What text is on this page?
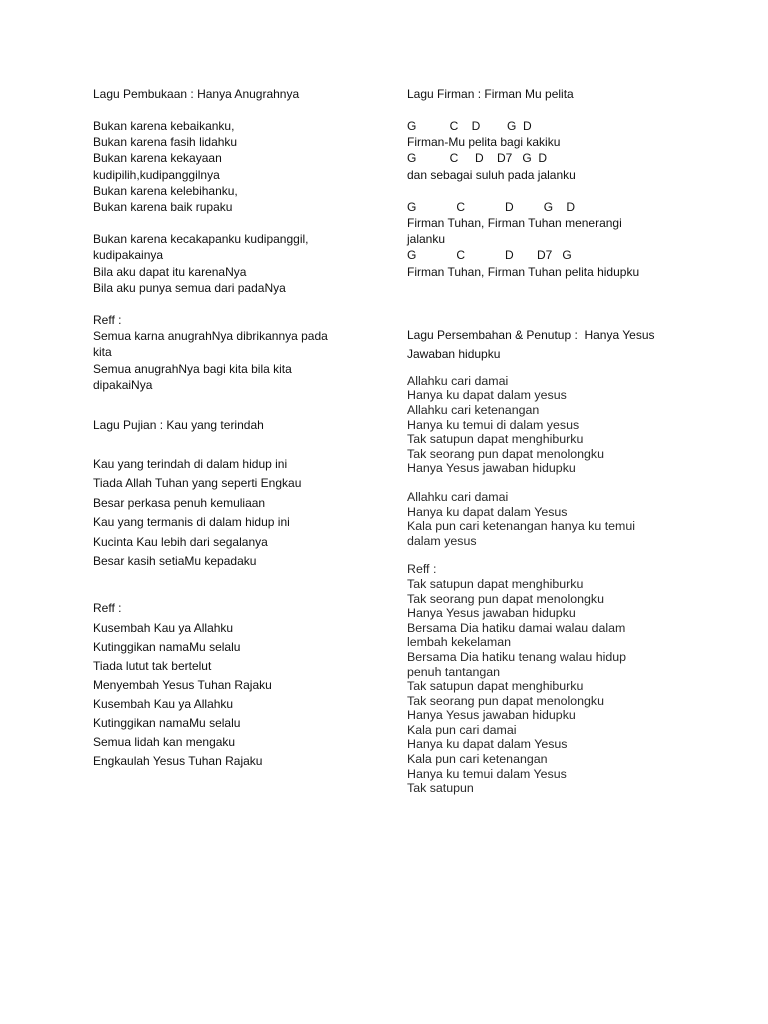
Lagu Pembukaan : Hanya Anugrahnya
Bukan karena kebaikanku,
Bukan karena fasih lidahku
Bukan karena kekayaan
kudipilih,kudipanggilnya
Bukan karena kelebihanku,
Bukan karena baik rupaku
Bukan karena kecakapanku kudipanggil,
kudipakainya
Bila aku dapat itu karenaNya
Bila aku punya semua dari padaNya
Reff :
Semua karna anugrahNya dibrikannya pada
kita
Semua anugrahNya bagi kita bila kita
dipakaiNya
Lagu Pujian : Kau yang terindah
Kau yang terindah di dalam hidup ini
Tiada Allah Tuhan yang seperti Engkau
Besar perkasa penuh kemuliaan
Kau yang termanis di dalam hidup ini
Kucinta Kau lebih dari segalanya
Besar kasih setiaMu kepadaku
Reff :
Kusembah Kau ya Allahku
Kutinggikan namaMu selalu
Tiada lutut tak bertelut
Menyembah Yesus Tuhan Rajaku
Kusembah Kau ya Allahku
Kutinggikan namaMu selalu
Semua lidah kan mengaku
Engkaulah Yesus Tuhan Rajaku
Lagu Firman : Firman Mu pelita
G          C    D        G  D
Firman-Mu pelita bagi kakiku
G          C     D    D7   G  D
dan sebagai suluh pada jalanku
G            C            D         G    D
Firman Tuhan, Firman Tuhan menerangi
jalanku
G            C            D       D7   G
Firman Tuhan, Firman Tuhan pelita hidupku
Lagu Persembahan & Penutup :  Hanya Yesus
Jawaban hidupku
Allahku cari damai
Hanya ku dapat dalam yesus
Allahku cari ketenangan
Hanya ku temui di dalam yesus
Tak satupun dapat menghiburku
Tak seorang pun dapat menolongku
Hanya Yesus jawaban hidupku
Allahku cari damai
Hanya ku dapat dalam Yesus
Kala pun cari ketenangan hanya ku temui
dalam yesus
Reff :
Tak satupun dapat menghiburku
Tak seorang pun dapat menolongku
Hanya Yesus jawaban hidupku
Bersama Dia hatiku damai walau dalam
lembah kekelaman
Bersama Dia hatiku tenang walau hidup
penuh tantangan
Tak satupun dapat menghiburku
Tak seorang pun dapat menolongku
Hanya Yesus jawaban hidupku
Kala pun cari damai
Hanya ku dapat dalam Yesus
Kala pun cari ketenangan
Hanya ku temui dalam Yesus
Tak satupun
